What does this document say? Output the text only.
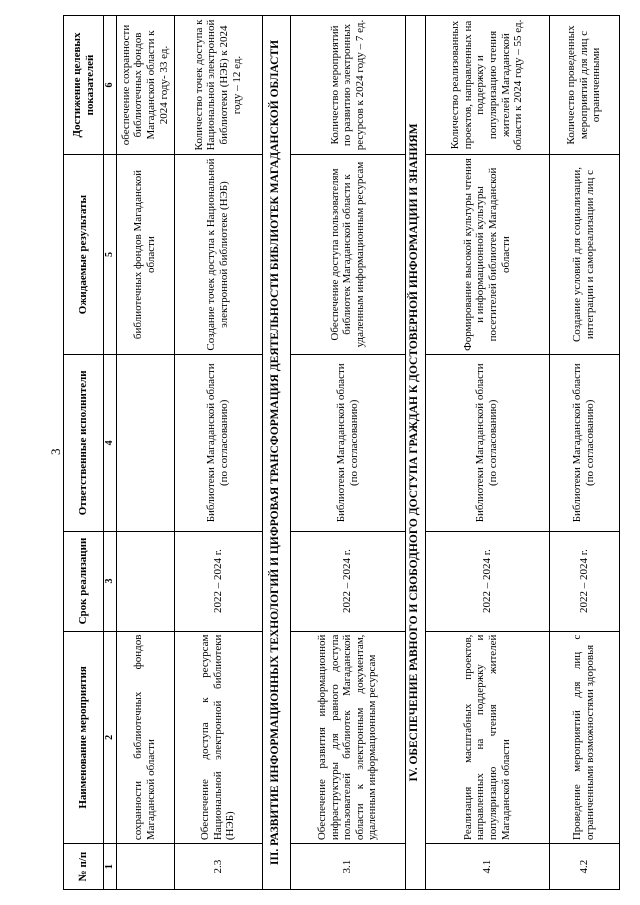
3
№ п/п	Наименование мероприятия	Срок реализации	Ответственные исполнители	Ожидаемые результаты	Достижение целевых показателей
1	2	3	4	5	6
	сохранности библиотечных фондов Магаданской области			библиотечных фондов Магаданской области	обеспечение сохранности библиотечных фондов Магаданской области к 2024 году- 33 ед.
2.3	Обеспечение доступа к ресурсам Национальной электронной библиотеки (НЭБ)	2022 – 2024 г.	Библиотеки Магаданской области (по согласованию)	Создание точек доступа к Национальной электронной библиотеке (НЭБ)	Количество точек доступа к Национальной электронной библиотеки (НЭБ) к 2024 году – 12 ед.
III. РАЗВИТИЕ ИНФОРМАЦИОННЫХ ТЕХНОЛОГИЙ И ЦИФРОВАЯ ТРАНСФОРМАЦИЯ ДЕЯТЕЛЬНОСТИ БИБЛИОТЕК МАГАДАНСКОЙ ОБЛАСТИ					
3.1	Обеспечение развития информационной инфраструктуры для равного доступа пользователей библиотек Магаданской области к электронным документам, удаленным информационным ресурсам	2022 – 2024 г.	Библиотеки Магаданской области (по согласованию)	Обеспечение доступа пользователям библиотек Магаданской области к удаленным информационным ресурсам	Количество мероприятий по развитию электронных ресурсов к 2024 году – 7 ед.
IV. ОБЕСПЕЧЕНИЕ РАВНОГО И СВОБОДНОГО ДОСТУПА ГРАЖДАН К ДОСТОВЕРНОЙ ИНФОРМАЦИИ И ЗНАНИЯМ					
4.1	Реализация масштабных проектов, направленных на поддержку и популяризацию чтения жителей Магаданской области	2022 – 2024 г.	Библиотеки Магаданской области (по согласованию)	Формирование высокой культуры чтения и информационной культуры посетителей библиотек Магаданской области	Количество реализованных проектов, направленных на поддержку и популяризацию чтения жителей Магаданской области к 2024 году – 55 ед.
4.2	Проведение мероприятий для лиц с ограниченными возможностями здоровья	2022 – 2024 г.	Библиотеки Магаданской области (по согласованию)	Создание условий для социализации, интеграции и самореализации лиц с	Количество проведенных мероприятий для лиц с ограниченными
